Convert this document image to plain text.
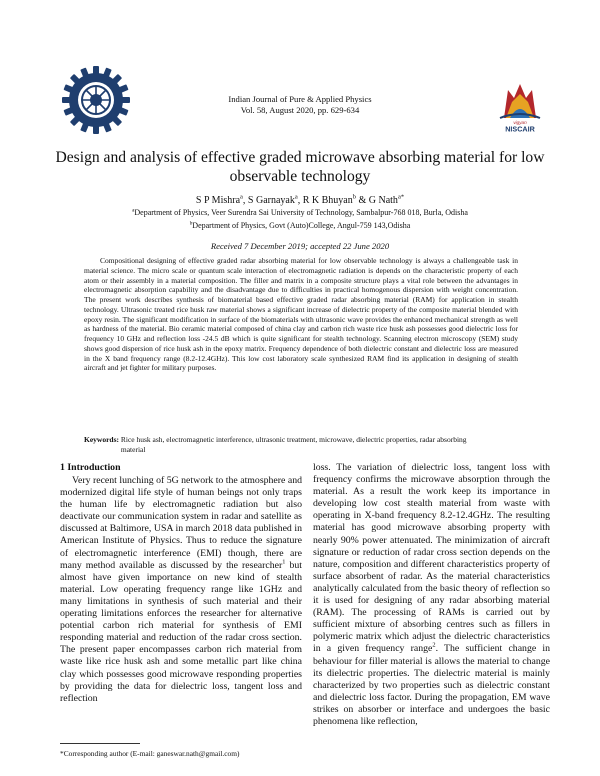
vigyan
NISCAIR
Indian Journal of Pure & Applied Physics
Vol. 58, August 2020, pp. 629-634
Design and analysis of effective graded microwave absorbing material for low observable technology
S P Mishra$^a$, S Garnayak$^a$, R K Bhuyan$^b$ & G Nath$^{a*}$
$^a$Department of Physics, Veer Surendra Sai University of Technology, Sambalpur-768 018, Burla, Odisha
$^b$Department of Physics, Govt (Auto)College, Angul-759 143,Odisha
Received 7 December 2019; accepted 22 June 2020
Compositional designing of effective graded radar absorbing material for low observable technology is always a challengeable task in material science. The micro scale or quantum scale interaction of electromagnetic radiation is depends on the characteristic property of each atom or their assembly in a material composition. The filler and matrix in a composite structure plays a vital role between the advantages in electromagnetic absorption capability and the disadvantage due to difficulties in practical homogenous dispersion with weight concentration. The present work describes synthesis of biomaterial based effective graded radar absorbing material (RAM) for application in stealth technology. Ultrasonic treated rice husk raw material shows a significant increase of dielectric property of the composite material blended with epoxy resin. The significant modification in surface of the biomaterials with ultrasonic wave provides the enhanced mechanical strength as well as hardness of the material. Bio ceramic material composed of china clay and carbon rich waste rice husk ash possesses good dielectric loss for frequency 10 GHz and reflection loss -24.5 dB which is quite significant for stealth technology. Scanning electron microscopy (SEM) study shows good dispersion of rice husk ash in the epoxy matrix. Frequency dependence of both dielectric constant and dielectric loss are measured in the X band frequency range (8.2-12.4GHz). This low cost laboratory scale synthesized RAM find its application in designing of stealth aircraft and jet fighter for military purposes.
Keywords: Rice husk ash, electromagnetic interference, ultrasonic treatment, microwave, dielectric properties, radar absorbing material
1 Introduction
Very recent lunching of 5G network to the atmosphere and modernized digital life style of human beings not only traps the human life by electromagnetic radiation but also deactivate our communication system in radar and satellite as discussed at Baltimore, USA in march 2018 data published in American Institute of Physics. Thus to reduce the signature of electromagnetic interference (EMI) though, there are many method available as discussed by the researcher$^1$ but almost have given importance on new kind of stealth material. Low operating frequency range like 1GHz and many limitations in synthesis of such material and their operating limitations enforces the researcher for alternative potential carbon rich material for synthesis of EMI responding material and reduction of the radar cross section. The present paper encompasses carbon rich material from waste like rice husk ash and some metallic part like china clay which possesses good microwave responding properties by providing the data for dielectric loss, tangent loss and reflection
loss. The variation of dielectric loss, tangent loss with frequency confirms the microwave absorption through the material. As a result the work keep its importance in developing low cost stealth material from waste with operating in X-band frequency 8.2-12.4GHz. The resulting material has good microwave absorbing property with nearly 90% power attenuated. The minimization of aircraft signature or reduction of radar cross section depends on the nature, composition and different characteristics property of surface absorbent of radar. As the material characteristics analytically calculated from the basic theory of reflection so it is used for designing of any radar absorbing material (RAM). The processing of RAMs is carried out by sufficient mixture of absorbing centres such as fillers in polymeric matrix which adjust the dielectric characteristics in a given frequency range$^2$. The sufficient change in behaviour for filler material is allows the material to change its dielectric properties. The dielectric material is mainly characterized by two properties such as dielectric constant and dielectric loss factor. During the propagation, EM wave strikes on absorber or interface and undergoes the basic phenomena like reflection,
*Corresponding author (E-mail: ganeswar.nath@gmail.com)
